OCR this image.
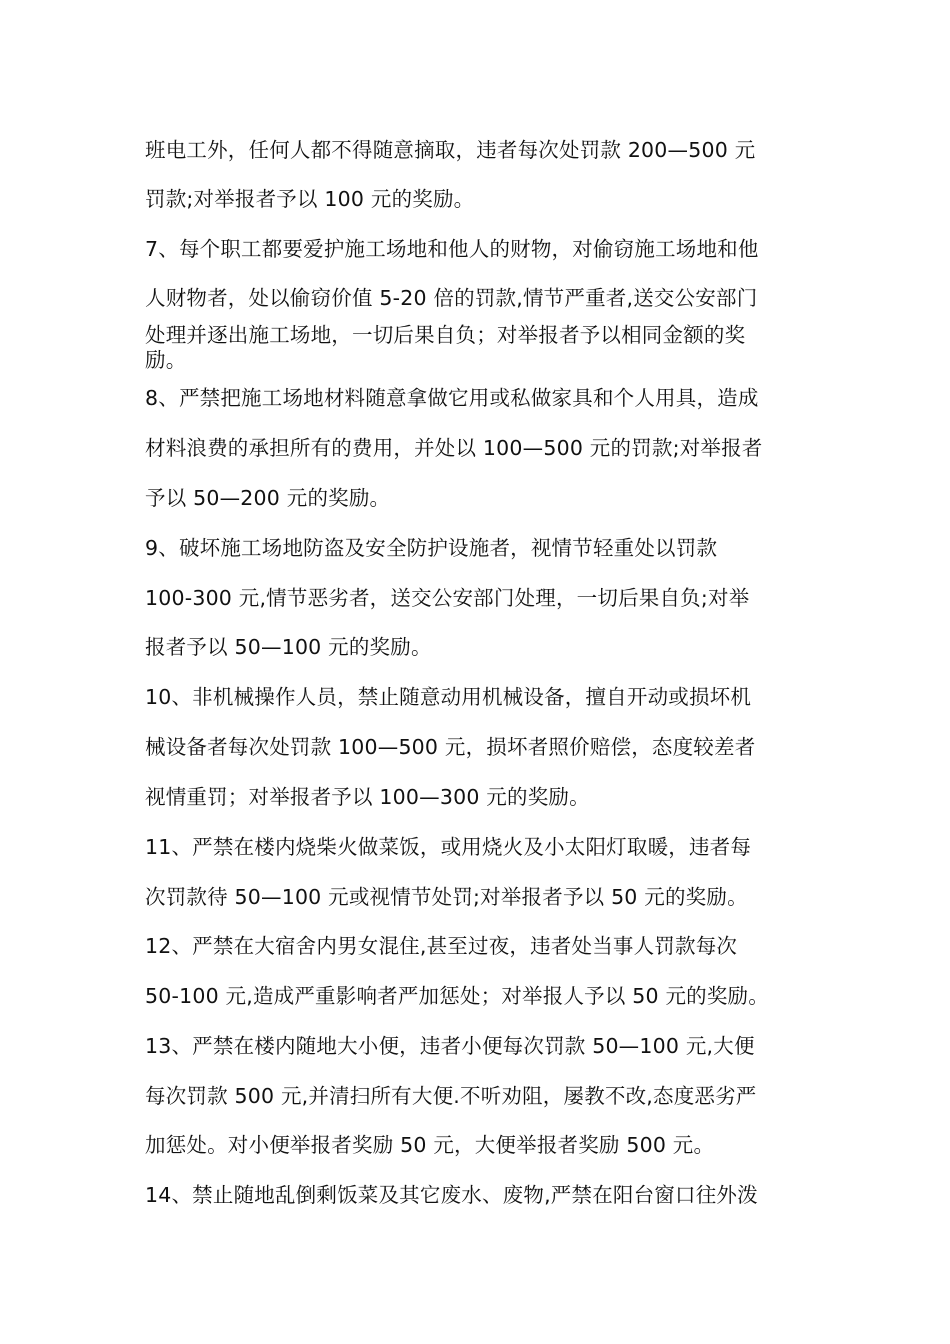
班电工外，任何人都不得随意摘取，违者每次处罚款 200—500 元
罚款;对举报者予以 100 元的奖励。
7、每个职工都要爱护施工场地和他人的财物，对偷窃施工场地和他
人财物者，处以偷窃价值 5-20 倍的罚款,情节严重者,送交公安部门
处理并逐出施工场地，一切后果自负；对举报者予以相同金额的奖
励。
8、严禁把施工场地材料随意拿做它用或私做家具和个人用具，造成
材料浪费的承担所有的费用，并处以 100—500 元的罚款;对举报者
予以 50—200 元的奖励。
9、破坏施工场地防盗及安全防护设施者，视情节轻重处以罚款
100-300 元,情节恶劣者，送交公安部门处理，一切后果自负;对举
报者予以 50—100 元的奖励。
10、非机械操作人员，禁止随意动用机械设备，擅自开动或损坏机
械设备者每次处罚款 100—500 元，损坏者照价赔偿，态度较差者
视情重罚；对举报者予以 100—300 元的奖励。
11、严禁在楼内烧柴火做菜饭，或用烧火及小太阳灯取暖，违者每
次罚款待 50—100 元或视情节处罚;对举报者予以 50 元的奖励。
12、严禁在大宿舍内男女混住,甚至过夜，违者处当事人罚款每次
50-100 元,造成严重影响者严加惩处；对举报人予以 50 元的奖励。
13、严禁在楼内随地大小便，违者小便每次罚款 50—100 元,大便
每次罚款 500 元,并清扫所有大便.不听劝阻，屡教不改,态度恶劣严
加惩处。对小便举报者奖励 50 元，大便举报者奖励 500 元。
14、禁止随地乱倒剩饭菜及其它废水、废物,严禁在阳台窗口往外泼
